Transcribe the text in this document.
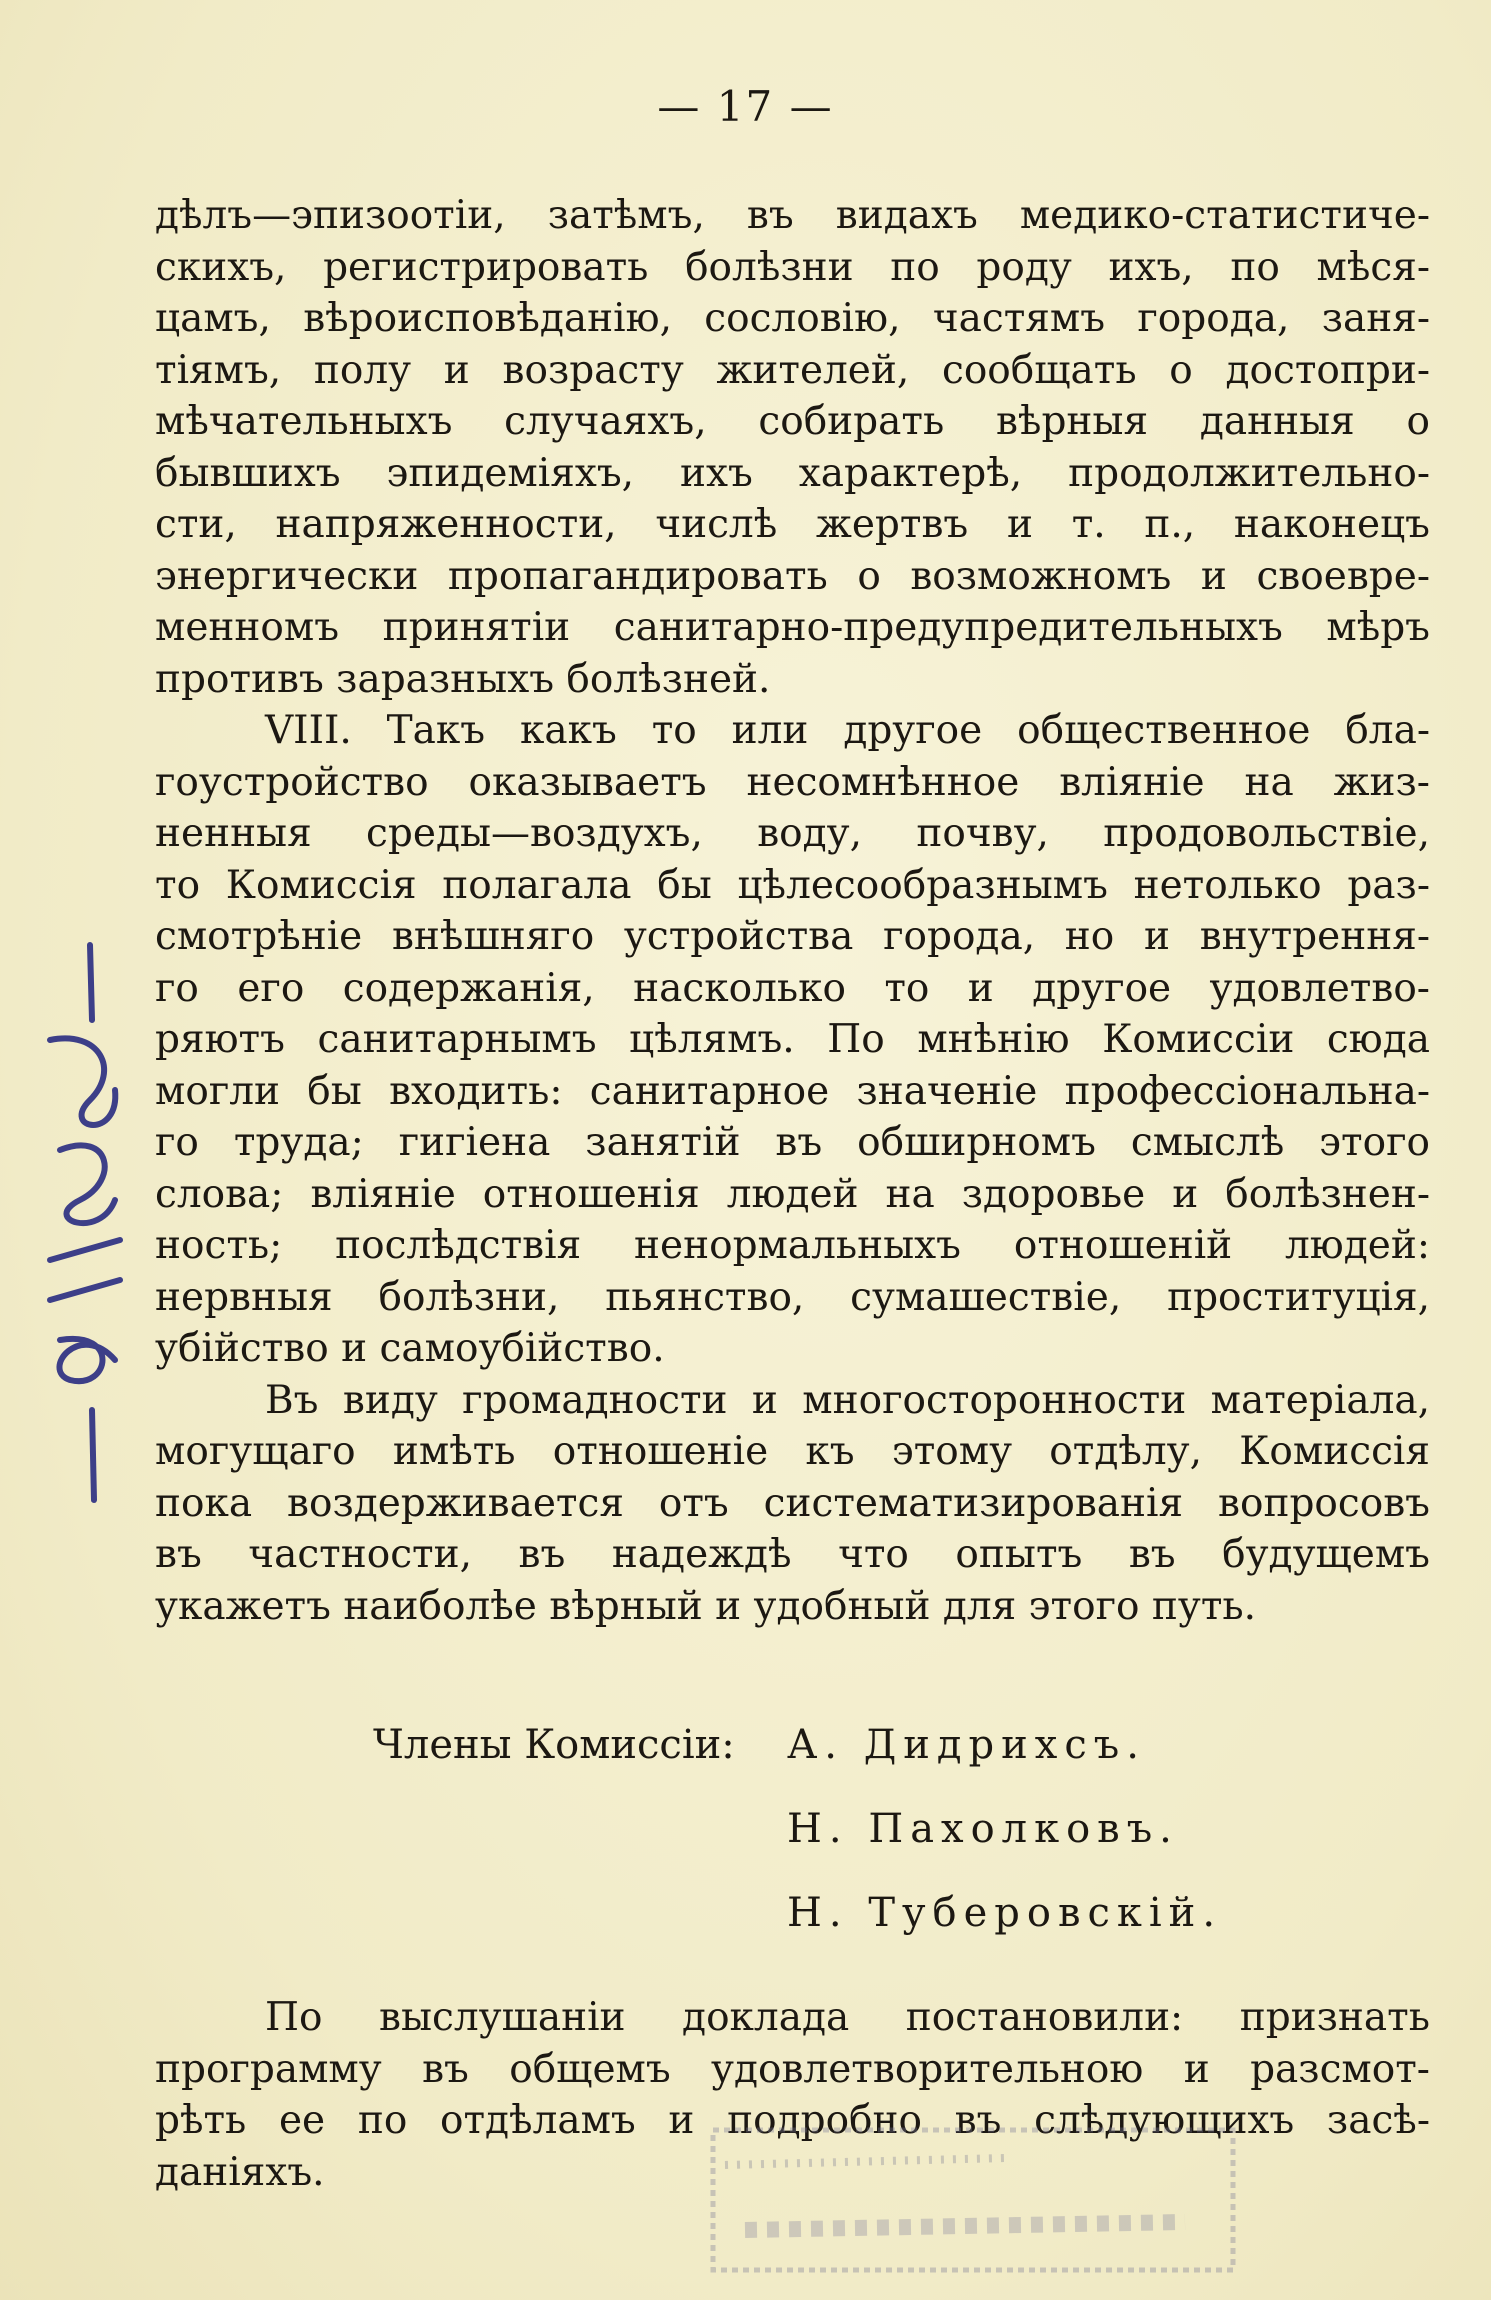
— 17 —
дѣлъ—эпизоотiи, затѣмъ, въ видахъ медико-статистиче-
скихъ, регистрировать болѣзни по роду ихъ, по мѣся-
цамъ, вѣроисповѣданiю, сословiю, частямъ города, заня-
тiямъ, полу и возрасту жителей, сообщать о достопри-
мѣчательныхъ случаяхъ, собирать вѣрныя данныя о
бывшихъ эпидемiяхъ, ихъ характерѣ, продолжительно-
сти, напряженности, числѣ жертвъ и т. п., наконецъ
энергически пропагандировать о возможномъ и своевре-
менномъ принятiи санитарно-предупредительныхъ мѣръ
противъ заразныхъ болѣзней.
VIII. Такъ какъ то или другое общественное бла-
гоустройство оказываетъ несомнѣнное влiянiе на жиз-
ненныя среды—воздухъ, воду, почву, продовольствiе,
то Комиссiя полагала бы цѣлесообразнымъ нетолько раз-
смотрѣнiе внѣшняго устройства города, но и внутрення-
го его содержанiя, насколько то и другое удовлетво-
ряютъ санитарнымъ цѣлямъ. По мнѣнiю Комиссiи сюда
могли бы входить: санитарное значенiе профессiональна-
го труда; гигiена занятiй въ обширномъ смыслѣ этого
слова; влiянiе отношенiя людей на здоровье и болѣзнен-
ность; послѣдствiя ненормальныхъ отношенiй людей:
нервныя болѣзни, пьянство, сумашествiе, проституцiя,
убiйство и самоубiйство.
Въ виду громадности и многосторонности матерiала,
могущаго имѣть отношенiе къ этому отдѣлу, Комиссiя
пока воздерживается отъ систематизированiя вопросовъ
въ частности, въ надеждѣ что опытъ въ будущемъ
укажетъ наиболѣе вѣрный и удобный для этого путь.
Члены Комиссiи: А. Дидрихсъ.
Н. Пахолковъ.
Н. Туберовскiй.
По выслушанiи доклада постановили: признать
программу въ общемъ удовлетворительною и разсмот-
рѣть ее по отдѣламъ и подробно въ слѣдующихъ засѣ-
данiяхъ.
